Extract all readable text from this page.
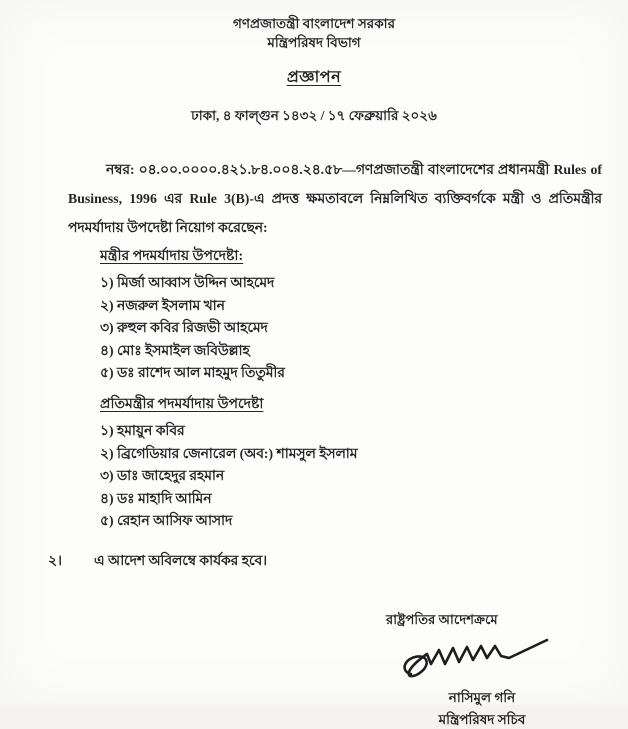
গণপ্রজাতন্ত্রী বাংলাদেশ সরকার
মন্ত্রিপরিষদ বিভাগ
প্রজ্ঞাপন
ঢাকা, ৪ ফাল্গুন ১৪৩২ / ১৭ ফেব্রুয়ারি ২০২৬

নম্বর: ০৪.০০.০০০০.৪২১.৮৪.০০৪.২৪.৫৮—গণপ্রজাতন্ত্রী বাংলাদেশের প্রধানমন্ত্রী Rules of Business, 1996 এর Rule 3(B)-এ প্রদত্ত ক্ষমতাবলে নিম্নলিখিত ব্যক্তিবর্গকে মন্ত্রী ও প্রতিমন্ত্রীর পদমর্যাদায় উপদেষ্টা নিয়োগ করেছেন:

মন্ত্রীর পদমর্যাদায় উপদেষ্টা:
১) মির্জা আব্বাস উদ্দিন আহমেদ
২) নজরুল ইসলাম খান
৩) রুহুল কবির রিজভী আহমেদ
৪) মোঃ ইসমাইল জবিউল্লাহ
৫) ডঃ রাশেদ আল মাহমুদ তিতুমীর
প্রতিমন্ত্রীর পদমর্যাদায় উপদেষ্টা
১) হমায়ুন কবির
২) ব্রিগেডিয়ার জেনারেল (অব:) শামসুল ইসলাম
৩) ডাঃ জাহেদুর রহমান
৪) ডঃ মাহাদি আমিন
৫) রেহান আসিফ আসাদ
২। এ আদেশ অবিলম্বে কার্যকর হবে।
রাষ্ট্রপতির আদেশক্রমে
নাসিমুল গনি
মন্ত্রিপরিষদ সচিব
